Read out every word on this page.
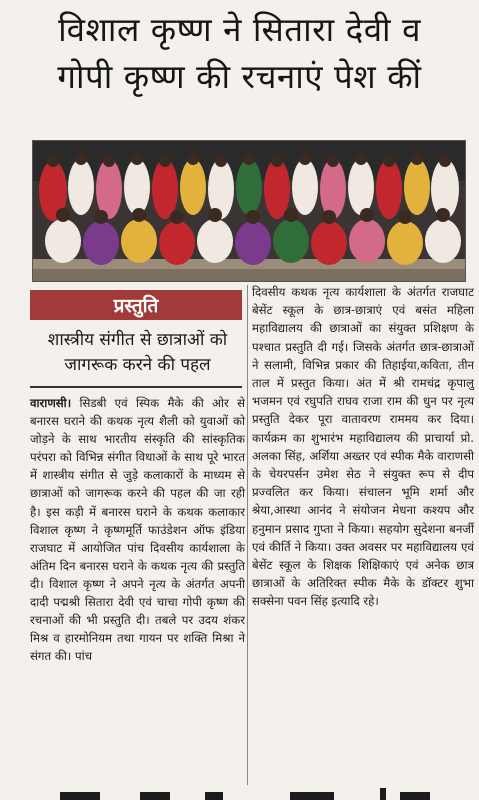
विशाल कृष्ण ने सितारा देवी व
गोपी कृष्ण की रचनाएं पेश कीं
प्रस्तुति
शास्त्रीय संगीत से छात्राओं को जागरूक करने की पहल

वाराणसी। सिडबी एवं स्पिक मैके की ओर से बनारस घराने की कथक नृत्य शैली को युवाओं को जोड़ने के साथ भारतीय संस्कृति की सांस्कृतिक परंपरा को विभिन्न संगीत विधाओं के साथ पूरे भारत में शास्त्रीय संगीत से जुड़े कलाकारों के माध्यम से छात्राओं को जागरूक करने की पहल की जा रही है। इस कड़ी में बनारस घराने के कथक कलाकार विशाल कृष्ण ने कृष्णमूर्ति फाउंडेशन ऑफ इंडिया राजघाट में आयोजित पांच दिवसीय कार्यशाला के अंतिम दिन बनारस घराने के कथक नृत्य की प्रस्तुति दी। विशाल कृष्ण ने अपने नृत्य के अंतर्गत अपनी दादी पद्मश्री सितारा देवी एवं चाचा गोपी कृष्ण की रचनाओं की भी प्रस्तुति दी। तबले पर उदय शंकर मिश्र व हारमोनियम तथा गायन पर शक्ति मिश्रा ने संगत की। पांच

दिवसीय कथक नृत्य कार्यशाला के अंतर्गत राजघाट बेसेंट स्कूल के छात्र-छात्राएं एवं बसंत महिला महाविद्यालय की छात्राओं का संयुक्त प्रशिक्षण के पश्चात प्रस्तुति दी गई। जिसके अंतर्गत छात्र-छात्राओं ने सलामी, विभिन्न प्रकार की तिहाईया,कविता, तीन ताल में प्रस्तुत किया। अंत में श्री रामचंद्र कृपालु भजमन एवं रघुपति राघव राजा राम की धुन पर नृत्य प्रस्तुति देकर पूरा वातावरण राममय कर दिया। कार्यक्रम का शुभारंभ महाविद्यालय की प्राचार्या प्रो. अलका सिंह, अर्शिया अख्तर एवं स्पीक मैके वाराणसी के चेयरपर्सन उमेश सेठ ने संयुक्त रूप से दीप प्रज्वलित कर किया। संचालन भूमि शर्मा और श्रेया,आस्था आनंद ने संयोजन मेधना कश्यप और हनुमान प्रसाद गुप्ता ने किया। सहयोग सुदेशना बनर्जी एवं कीर्ति ने किया। उक्त अवसर पर महाविद्यालय एवं बेसेंट स्कूल के शिक्षक शिक्षिकाएं एवं अनेक छात्र छात्राओं के अतिरिक्त स्पीक मैके के डॉक्टर शुभा सक्सेना पवन सिंह इत्यादि रहे।
